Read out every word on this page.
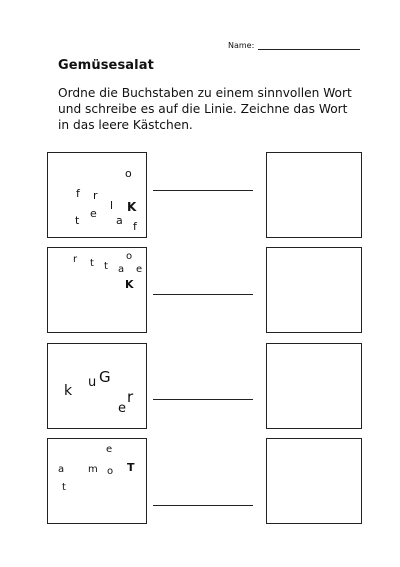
Name:
Gemüsesalat
Ordne die Buchstaben zu einem sinnvollen Wort und schreibe es auf die Linie. Zeichne das Wort in das leere Kästchen.
o
f r
l K
t
e
a f
r t t
o
a e
K
k
u G
e
r
e
a m o T
t
